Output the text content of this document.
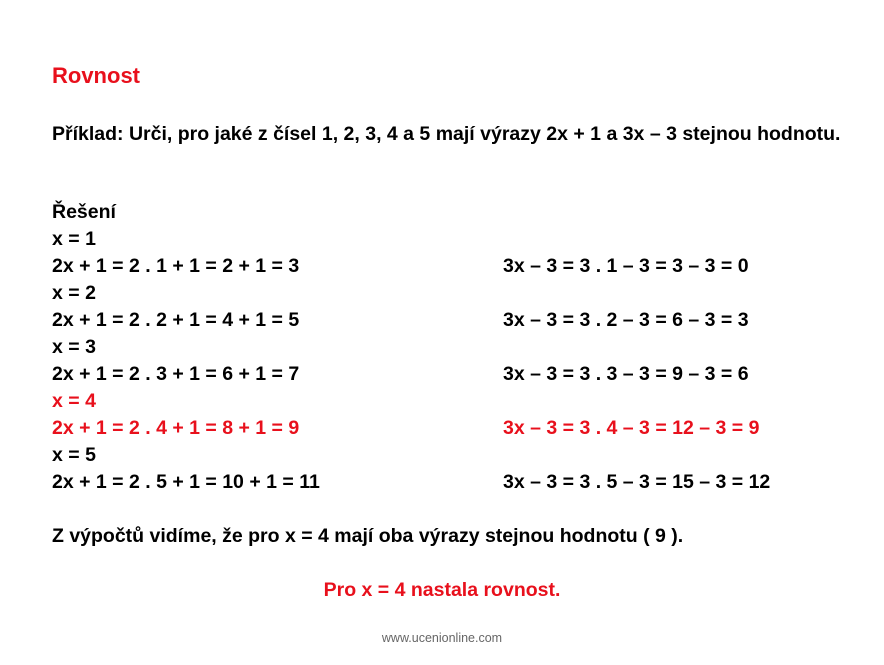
Rovnost
Příklad: Urči, pro jaké z čísel 1, 2, 3, 4 a 5 mají výrazy 2x + 1 a 3x – 3 stejnou hodnotu.
Řešení
x = 1
2x + 1 = 2 . 1 + 1 = 2 + 1 = 3	3x – 3 = 3 . 1 – 3 = 3 – 3 = 0
x = 2
2x + 1 = 2 . 2 + 1 = 4 + 1 = 5	3x – 3 = 3 . 2 – 3 = 6 – 3 = 3
x = 3
2x + 1 = 2 . 3 + 1 = 6 + 1 = 7	3x – 3 = 3 . 3 – 3 = 9 – 3 = 6
x = 4
2x + 1 = 2 . 4 + 1 = 8 + 1 = 9	3x – 3 = 3 . 4 – 3 = 12 – 3 = 9
x = 5
2x + 1 = 2 . 5 + 1 = 10 + 1 = 11	3x – 3 = 3 . 5 – 3 = 15 – 3 = 12
Z výpočtů vidíme, že pro x = 4 mají oba výrazy stejnou hodnotu ( 9 ).
Pro x = 4 nastala rovnost.
www.ucenionline.com
